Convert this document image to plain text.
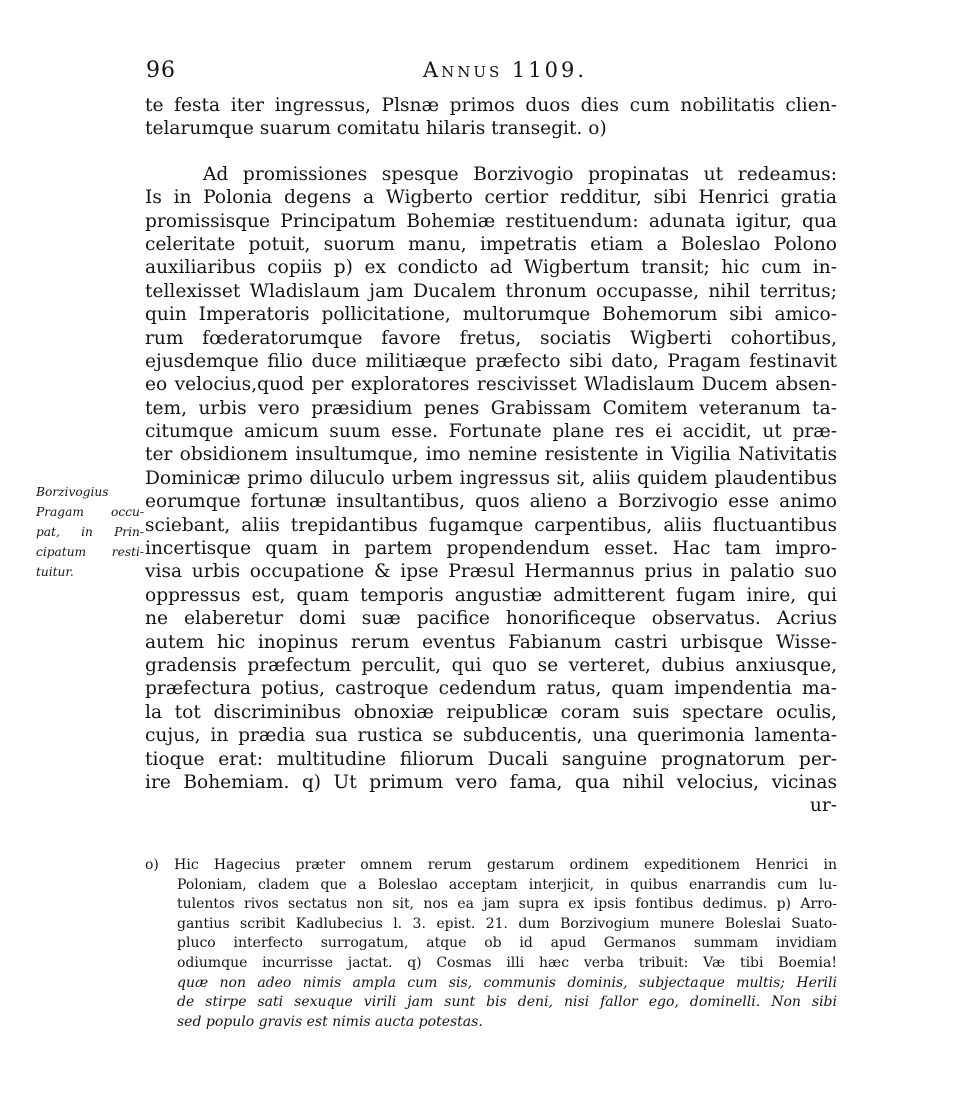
96	Annus 1109.
te festa iter ingressus, Plsnæ primos duos dies cum nobilitatis clien-
telarumque suarum comitatu hilaris transegit. o)
Ad promissiones spesque Borzivogio propinatas ut redeamus:
Is in Polonia degens a Wigberto certior redditur, sibi Henrici gratia
promissisque Principatum Bohemiæ restituendum: adunata igitur, qua
celeritate potuit, suorum manu, impetratis etiam a Boleslao Polono
auxiliaribus copiis p) ex condicto ad Wigbertum transit; hic cum in-
tellexisset Wladislaum jam Ducalem thronum occupasse, nihil territus;
quin Imperatoris pollicitatione, multorumque Bohemorum sibi amico-
rum fœderatorumque favore fretus, sociatis Wigberti cohortibus,
ejusdemque filio duce militiæque præfecto sibi dato, Pragam festinavit
eo velocius,quod per exploratores rescivisset Wladislaum Ducem absen-
tem, urbis vero præsidium penes Grabissam Comitem veteranum ta-
citumque amicum suum esse. Fortunate plane res ei accidit, ut præ-
ter obsidionem insultumque, imo nemine resistente in Vigilia Nativitatis
Dominicæ primo diluculo urbem ingressus sit, aliis quidem plaudentibus
eorumque fortunæ insultantibus, quos alieno a Borzivogio esse animo
sciebant, aliis trepidantibus fugamque carpentibus, aliis fluctuantibus
incertisque quam in partem propendendum esset. Hac tam impro-
visa urbis occupatione & ipse Præsul Hermannus prius in palatio suo
oppressus est, quam temporis angustiæ admitterent fugam inire, qui
ne elaberetur domi suæ pacifice honorificeque observatus. Acrius
autem hic inopinus rerum eventus Fabianum castri urbisque Wisse-
gradensis præfectum perculit, qui quo se verteret, dubius anxiusque,
præfectura potius, castroque cedendum ratus, quam impendentia ma-
la tot discriminibus obnoxiæ reipublicæ coram suis spectare oculis,
cujus, in prædia sua rustica se subducentis, una querimonia lamenta-
tioque erat: multitudine filiorum Ducali sanguine prognatorum per-
ire Bohemiam. q) Ut primum vero fama, qua nihil velocius, vicinas
ur-
Borzivogius
Pragam occu-
pat, in Prin-
cipatum resti-
tuitur.
o) Hic Hagecius præter omnem rerum gestarum ordinem expeditionem Henrici in
Poloniam, cladem que a Boleslao acceptam interjicit, in quibus enarrandis cum lu-
tulentos rivos sectatus non sit, nos ea jam supra ex ipsis fontibus dedimus. p) Arro-
gantius scribit Kadlubecius l. 3. epist. 21. dum Borzivogium munere Boleslai Suato-
pluco interfecto surrogatum, atque ob id apud Germanos summam invidiam
odiumque incurrisse jactat. q) Cosmas illi hæc verba tribuit: Væ tibi Boemia!
quæ non adeo nimis ampla cum sis, communis dominis, subjectaque multis; Herili
de stirpe sati sexuque virili jam sunt bis deni, nisi fallor ego, dominelli. Non sibi
sed populo gravis est nimis aucta potestas.
